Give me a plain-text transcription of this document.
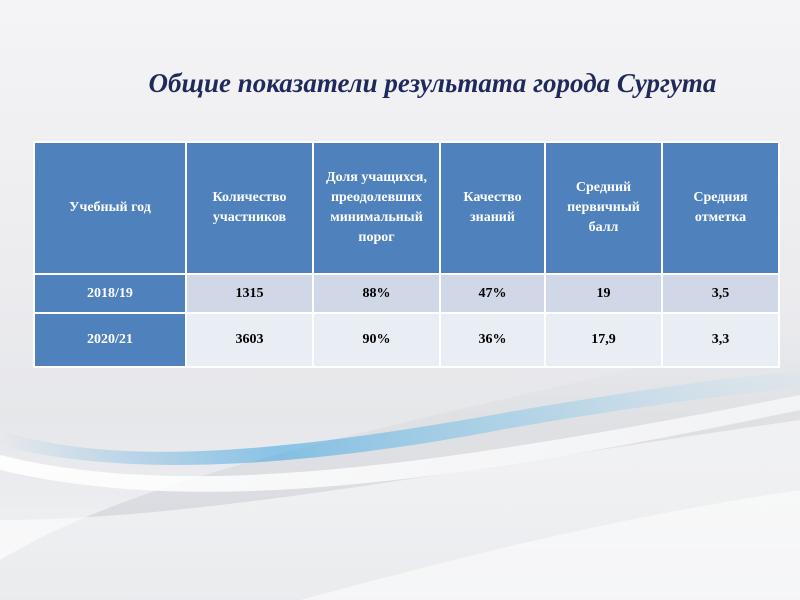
Общие показатели результата города Сургута
Учебный год	Количество участников	Доля учащихся, преодолевших минимальный порог	Качество знаний	Средний первичный балл	Средняя отметка
2018/19	1315	88%	47%	19	3,5
2020/21	3603	90%	36%	17,9	3,3
